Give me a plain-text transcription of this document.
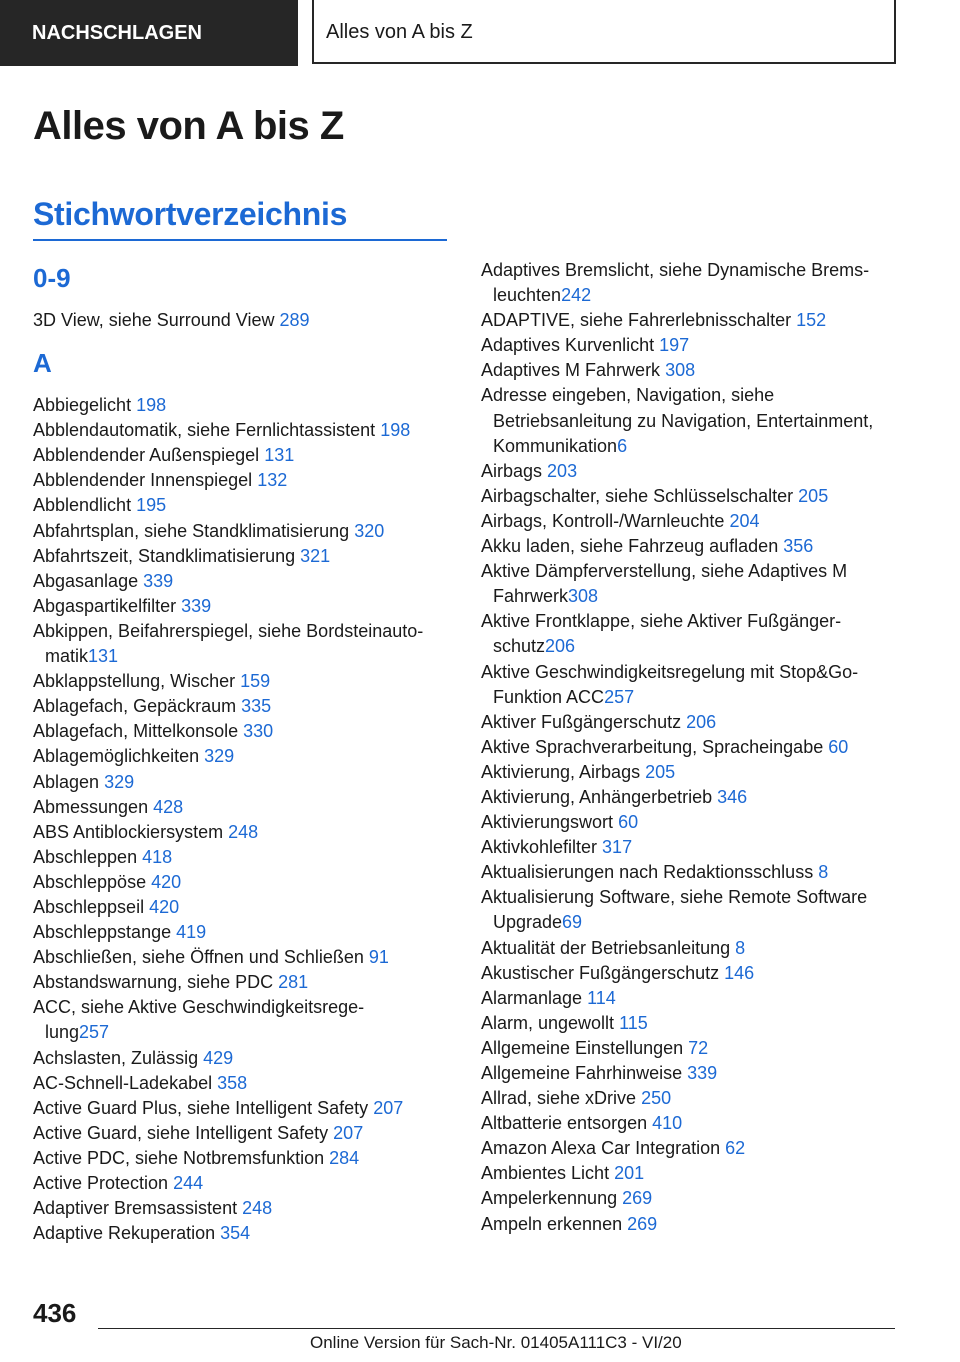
NACHSCHLAGEN	Alles von A bis Z
Alles von A bis Z
Stichwortverzeichnis
0-9
3D View, siehe Surround View 289
A
Abbiegelicht 198
Abblendautomatik, siehe Fernlichtassistent 198
Abblendender Außenspiegel 131
Abblendender Innenspiegel 132
Abblendlicht 195
Abfahrtsplan, siehe Standklimatisierung 320
Abfahrtszeit, Standklimatisierung 321
Abgasanlage 339
Abgaspartikelfilter 339
Abkippen, Beifahrerspiegel, siehe Bordsteinauto-
matik131
Abklappstellung, Wischer 159
Ablagefach, Gepäckraum 335
Ablagefach, Mittelkonsole 330
Ablagemöglichkeiten 329
Ablagen 329
Abmessungen 428
ABS Antiblockiersystem 248
Abschleppen 418
Abschleppöse 420
Abschleppseil 420
Abschleppstange 419
Abschließen, siehe Öffnen und Schließen 91
Abstandswarnung, siehe PDC 281
ACC, siehe Aktive Geschwindigkeitsrege-
lung257
Achslasten, Zulässig 429
AC-Schnell-Ladekabel 358
Active Guard Plus, siehe Intelligent Safety 207
Active Guard, siehe Intelligent Safety 207
Active PDC, siehe Notbremsfunktion 284
Active Protection 244
Adaptiver Bremsassistent 248
Adaptive Rekuperation 354
Adaptives Bremslicht, siehe Dynamische Brems-
leuchten242
ADAPTIVE, siehe Fahrerlebnisschalter 152
Adaptives Kurvenlicht 197
Adaptives M Fahrwerk 308
Adresse eingeben, Navigation, siehe
Betriebsanleitung zu Navigation, Entertainment,
Kommunikation6
Airbags 203
Airbagschalter, siehe Schlüsselschalter 205
Airbags, Kontroll-/Warnleuchte 204
Akku laden, siehe Fahrzeug aufladen 356
Aktive Dämpferverstellung, siehe Adaptives M
Fahrwerk308
Aktive Frontklappe, siehe Aktiver Fußgänger-
schutz206
Aktive Geschwindigkeitsregelung mit Stop&Go-
Funktion ACC257
Aktiver Fußgängerschutz 206
Aktive Sprachverarbeitung, Spracheingabe 60
Aktivierung, Airbags 205
Aktivierung, Anhängerbetrieb 346
Aktivierungswort 60
Aktivkohlefilter 317
Aktualisierungen nach Redaktionsschluss 8
Aktualisierung Software, siehe Remote Software
Upgrade69
Aktualität der Betriebsanleitung 8
Akustischer Fußgängerschutz 146
Alarmanlage 114
Alarm, ungewollt 115
Allgemeine Einstellungen 72
Allgemeine Fahrhinweise 339
Allrad, siehe xDrive 250
Altbatterie entsorgen 410
Amazon Alexa Car Integration 62
Ambientes Licht 201
Ampelerkennung 269
Ampeln erkennen 269
436
Online Version für Sach-Nr. 01405A111C3 - VI/20
